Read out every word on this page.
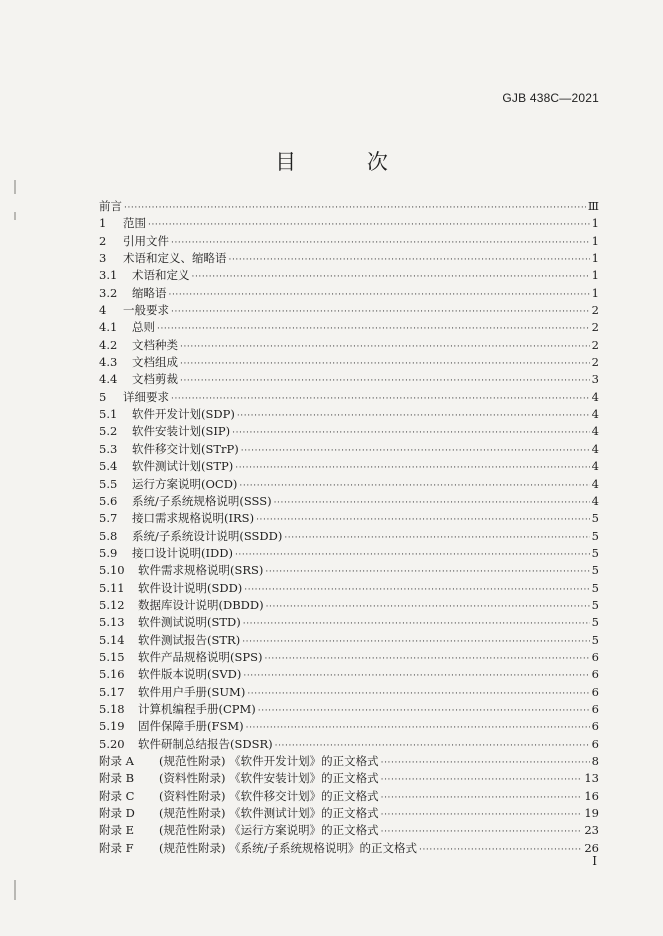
GJB 438C—2021
目 次
前言 ·····	Ⅲ
1	范围 ·····	1
2	引用文件 ·····	1
3	术语和定义、缩略语 ·····	1
3.1	术语和定义 ·····	1
3.2	缩略语 ·····	1
4	一般要求 ·····	2
4.1	总则 ·····	2
4.2	文档种类 ·····	2
4.3	文档组成 ·····	2
4.4	文档剪裁 ·····	3
5	详细要求 ·····	4
5.1	软件开发计划(SDP) ·····	4
5.2	软件安装计划(SIP) ·····	4
5.3	软件移交计划(STrP) ·····	4
5.4	软件测试计划(STP) ·····	4
5.5	运行方案说明(OCD) ·····	4
5.6	系统/子系统规格说明(SSS) ·····	4
5.7	接口需求规格说明(IRS) ·····	5
5.8	系统/子系统设计说明(SSDD) ·····	5
5.9	接口设计说明(IDD) ·····	5
5.10	软件需求规格说明(SRS) ·····	5
5.11	软件设计说明(SDD) ·····	5
5.12	数据库设计说明(DBDD) ·····	5
5.13	软件测试说明(STD) ·····	5
5.14	软件测试报告(STR) ·····	5
5.15	软件产品规格说明(SPS) ·····	6
5.16	软件版本说明(SVD) ·····	6
5.17	软件用户手册(SUM) ·····	6
5.18	计算机编程手册(CPM) ·····	6
5.19	固件保障手册(FSM) ·····	6
5.20	软件研制总结报告(SDSR) ·····	6
附录 A	(规范性附录) 《软件开发计划》的正文格式 ·····	8
附录 B	(资料性附录) 《软件安装计划》的正文格式 ·····	13
附录 C	(资料性附录) 《软件移交计划》的正文格式 ·····	16
附录 D	(规范性附录) 《软件测试计划》的正文格式 ·····	19
附录 E	(规范性附录) 《运行方案说明》的正文格式 ·····	23
附录 F	(规范性附录) 《系统/子系统规格说明》的正文格式 ·····	26
I
